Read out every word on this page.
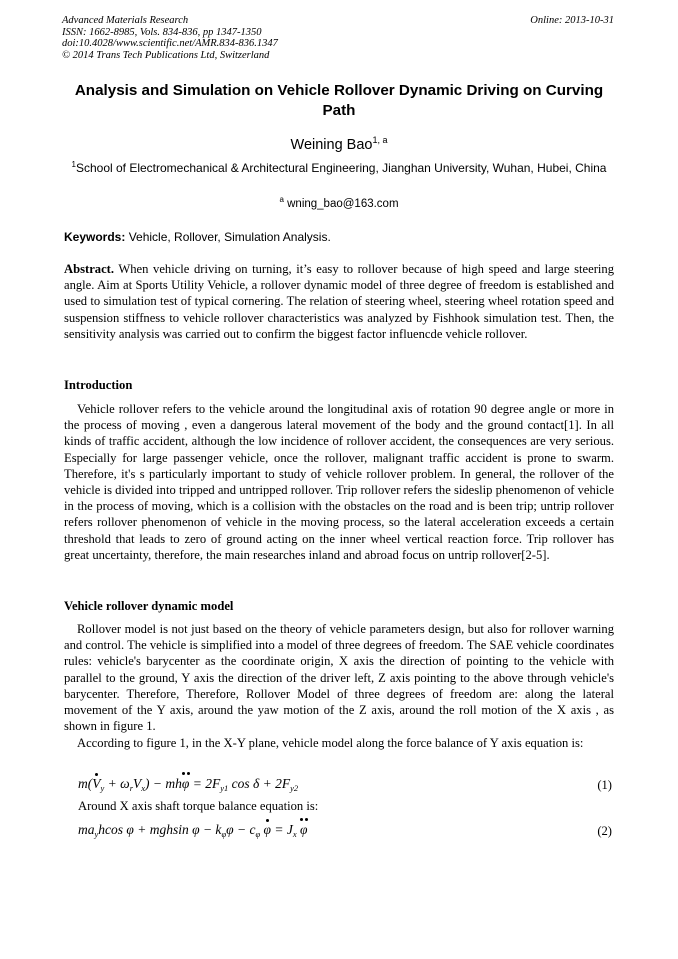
Advanced Materials Research
ISSN: 1662-8985, Vols. 834-836, pp 1347-1350
doi:10.4028/www.scientific.net/AMR.834-836.1347
© 2014 Trans Tech Publications Ltd, Switzerland
Online: 2013-10-31
Analysis and Simulation on Vehicle Rollover Dynamic Driving on Curving Path
Weining Bao$^{1, a}$
$^1$School of Electromechanical & Architectural Engineering, Jianghan University, Wuhan, Hubei, China
$^a$ wning_bao@163.com
Keywords: Vehicle, Rollover, Simulation Analysis.
Abstract. When vehicle driving on turning, it’s easy to rollover because of high speed and large steering angle. Aim at Sports Utility Vehicle, a rollover dynamic model of three degree of freedom is established and used to simulation test of typical cornering. The relation of steering wheel, steering wheel rotation speed and suspension stiffness to vehicle rollover characteristics was analyzed by Fishhook simulation test. Then, the sensitivity analysis was carried out to confirm the biggest factor influencde vehicle rollover.
Introduction
Vehicle rollover refers to the vehicle around the longitudinal axis of rotation 90 degree angle or more in the process of moving , even a dangerous lateral movement of the body and the ground contact[1]. In all kinds of traffic accident, although the low incidence of rollover accident, the consequences are very serious. Especially for large passenger vehicle, once the rollover, malignant traffic accident is prone to swarm. Therefore, it's s particularly important to study of vehicle rollover problem. In general, the rollover of the vehicle is divided into tripped and untripped rollover. Trip rollover refers the sideslip phenomenon of vehicle in the process of moving, which is a collision with the obstacles on the road and is been trip; untrip rollover refers rollover phenomenon of vehicle in the moving process, so the lateral acceleration exceeds a certain threshold that leads to zero of ground acting on the inner wheel vertical reaction force. Trip rollover has great uncertainty, therefore, the main researches inland and abroad focus on untrip rollover[2-5].
Vehicle rollover dynamic model
Rollover model is not just based on the theory of vehicle parameters design, but also for rollover warning and control. The vehicle is simplified into a model of three degrees of freedom. The SAE vehicle coordinates rules: vehicle's barycenter as the coordinate origin, X axis the direction of pointing to the vehicle with parallel to the ground, Y axis the direction of the driver left, Z axis pointing to the above through vehicle's barycenter. Therefore, Therefore, Rollover Model of three degrees of freedom are: along the lateral movement of the Y axis, around the yaw motion of the Z axis, around the roll motion of the X axis , as shown in figure 1.
According to figure 1, in the X-Y plane, vehicle model along the force balance of Y axis equation is:
$m(V_y + \omega_rV_x) - mh\varphi = 2F_{y1}$ $\cos \delta + 2F_{y2}$	(1)
Around X axis shaft torque balance equation is:
$ma_yhcos$ φ + mghsin $\varphi - k_\varphi\varphi - c_\varphi$ $\varphi = J_x$ φ	(2)
